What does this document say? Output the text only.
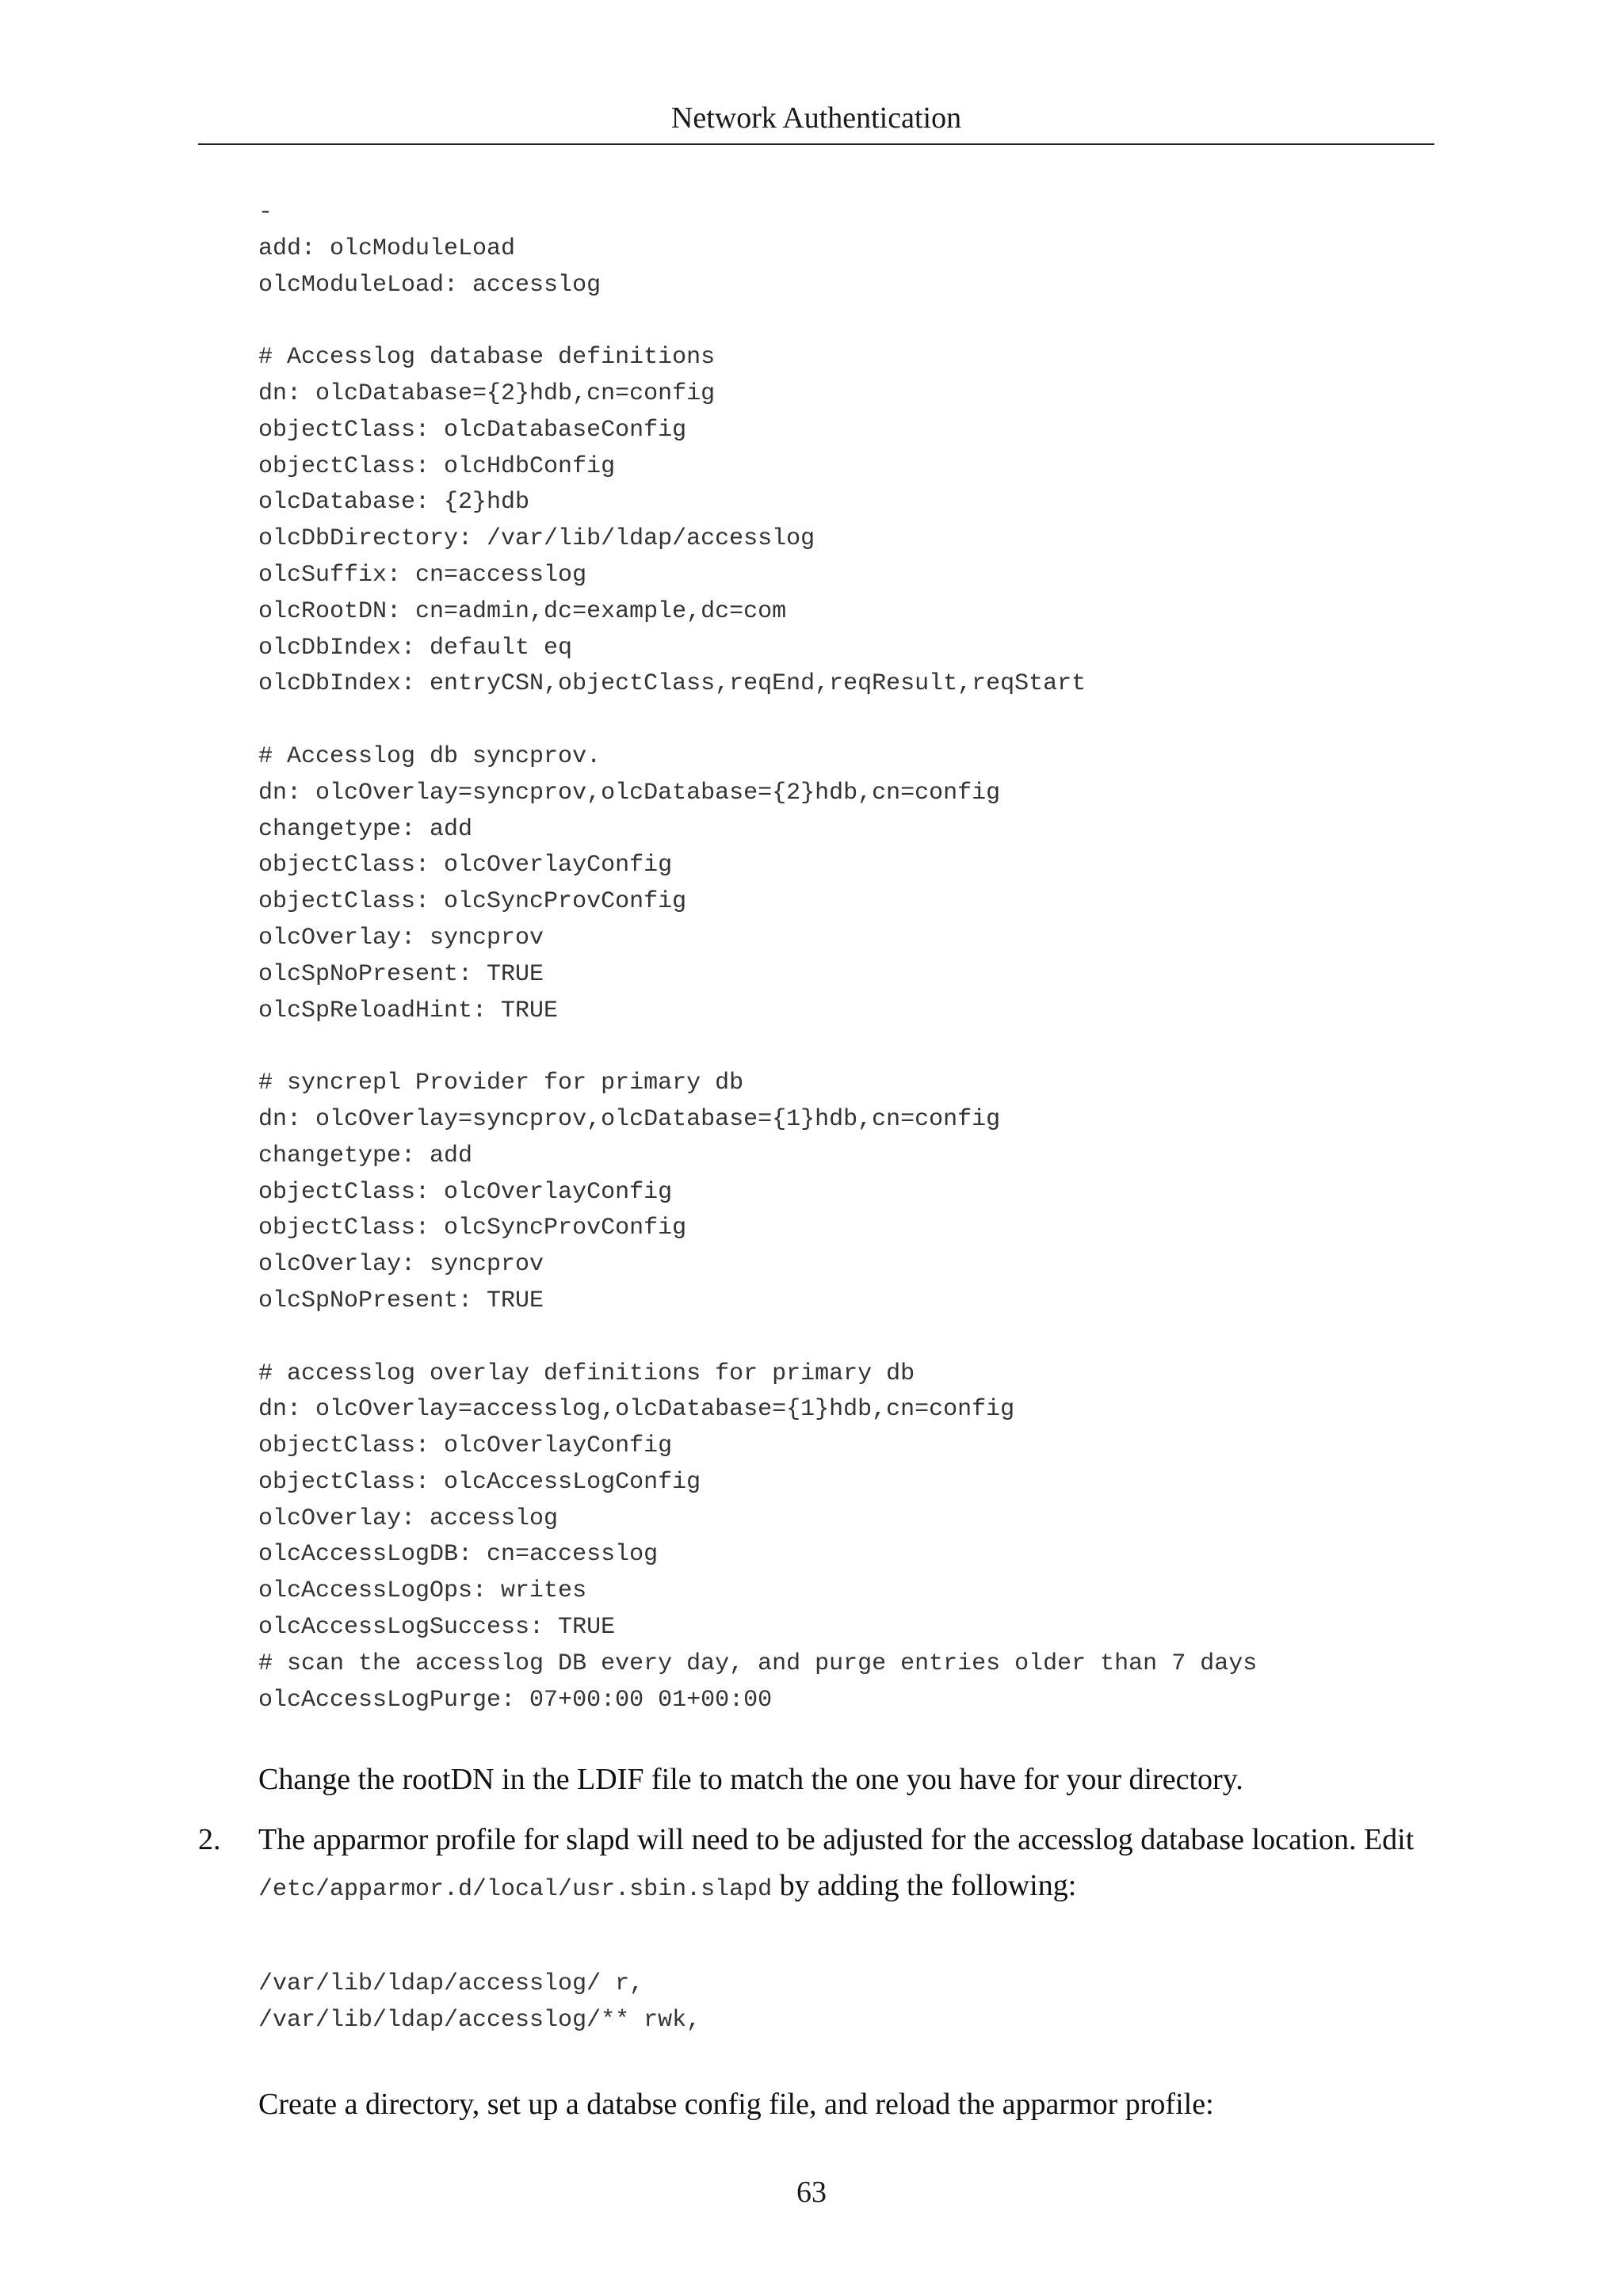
Network Authentication
-
add: olcModuleLoad
olcModuleLoad: accesslog
# Accesslog database definitions
dn: olcDatabase={2}hdb,cn=config
objectClass: olcDatabaseConfig
objectClass: olcHdbConfig
olcDatabase: {2}hdb
olcDbDirectory: /var/lib/ldap/accesslog
olcSuffix: cn=accesslog
olcRootDN: cn=admin,dc=example,dc=com
olcDbIndex: default eq
olcDbIndex: entryCSN,objectClass,reqEnd,reqResult,reqStart
# Accesslog db syncprov.
dn: olcOverlay=syncprov,olcDatabase={2}hdb,cn=config
changetype: add
objectClass: olcOverlayConfig
objectClass: olcSyncProvConfig
olcOverlay: syncprov
olcSpNoPresent: TRUE
olcSpReloadHint: TRUE
# syncrepl Provider for primary db
dn: olcOverlay=syncprov,olcDatabase={1}hdb,cn=config
changetype: add
objectClass: olcOverlayConfig
objectClass: olcSyncProvConfig
olcOverlay: syncprov
olcSpNoPresent: TRUE
# accesslog overlay definitions for primary db
dn: olcOverlay=accesslog,olcDatabase={1}hdb,cn=config
objectClass: olcOverlayConfig
objectClass: olcAccessLogConfig
olcOverlay: accesslog
olcAccessLogDB: cn=accesslog
olcAccessLogOps: writes
olcAccessLogSuccess: TRUE
# scan the accesslog DB every day, and purge entries older than 7 days
olcAccessLogPurge: 07+00:00 01+00:00

Change the rootDN in the LDIF file to match the one you have for your directory.

2. The apparmor profile for slapd will need to be adjusted for the accesslog database location. Edit /etc/apparmor.d/local/usr.sbin.slapd by adding the following:
/var/lib/ldap/accesslog/ r,
/var/lib/ldap/accesslog/** rwk,

Create a directory, set up a databse config file, and reload the apparmor profile:

63
